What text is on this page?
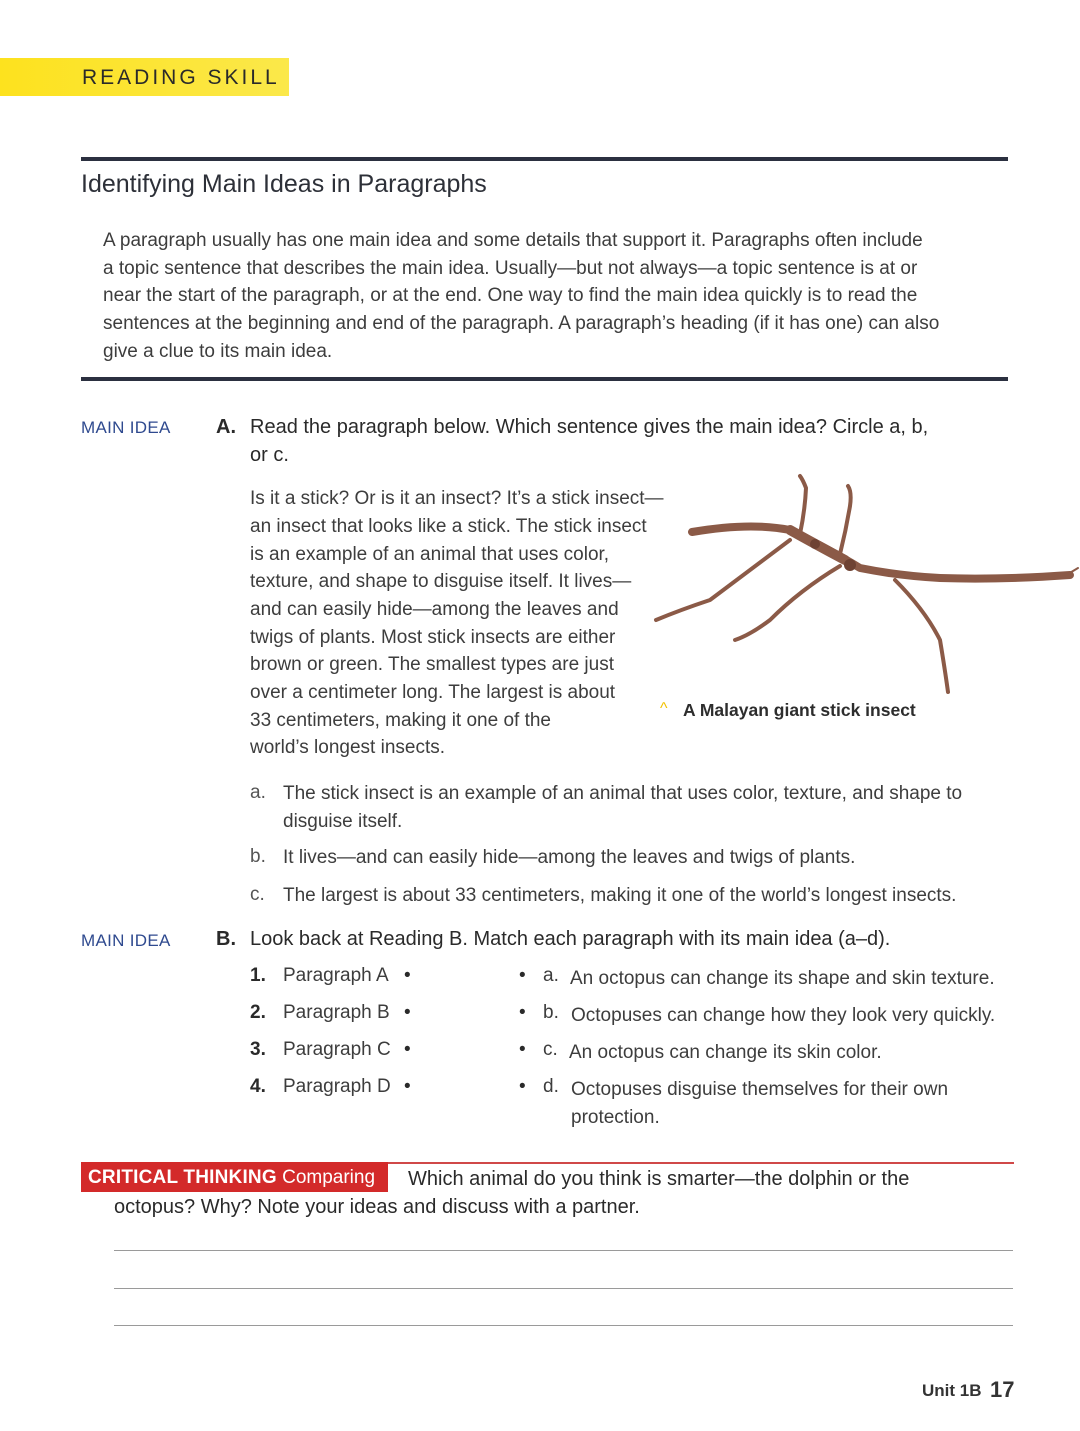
READING SKILL
Identifying Main Ideas in Paragraphs
A paragraph usually has one main idea and some details that support it. Paragraphs often include
a topic sentence that describes the main idea. Usually—but not always—a topic sentence is at or
near the start of the paragraph, or at the end. One way to find the main idea quickly is to read the
sentences at the beginning and end of the paragraph. A paragraph’s heading (if it has one) can also
give a clue to its main idea.
MAIN IDEA A. Read the paragraph below. Which sentence gives the main idea? Circle a, b,
or c.
Is it a stick? Or is it an insect? It’s a stick insect—
an insect that looks like a stick. The stick insect
is an example of an animal that uses color,
texture, and shape to disguise itself. It lives—
and can easily hide—among the leaves and
twigs of plants. Most stick insects are either
brown or green. The smallest types are just
over a centimeter long. The largest is about
33 centimeters, making it one of the
world’s longest insects.
^ A Malayan giant stick insect
a. The stick insect is an example of an animal that uses color, texture, and shape to
disguise itself.
b. It lives—and can easily hide—among the leaves and twigs of plants.
c. The largest is about 33 centimeters, making it one of the world’s longest insects.
MAIN IDEA B. Look back at Reading B. Match each paragraph with its main idea (a–d).
1. Paragraph A •
2. Paragraph B •
3. Paragraph C •
4. Paragraph D •
• a. An octopus can change its shape and skin texture.
• b. Octopuses can change how they look very quickly.
• c. An octopus can change its skin color.
• d. Octopuses disguise themselves for their own
protection.
CRITICAL THINKING Comparing Which animal do you think is smarter—the dolphin or the
octopus? Why? Note your ideas and discuss with a partner.
Unit 1B 17
